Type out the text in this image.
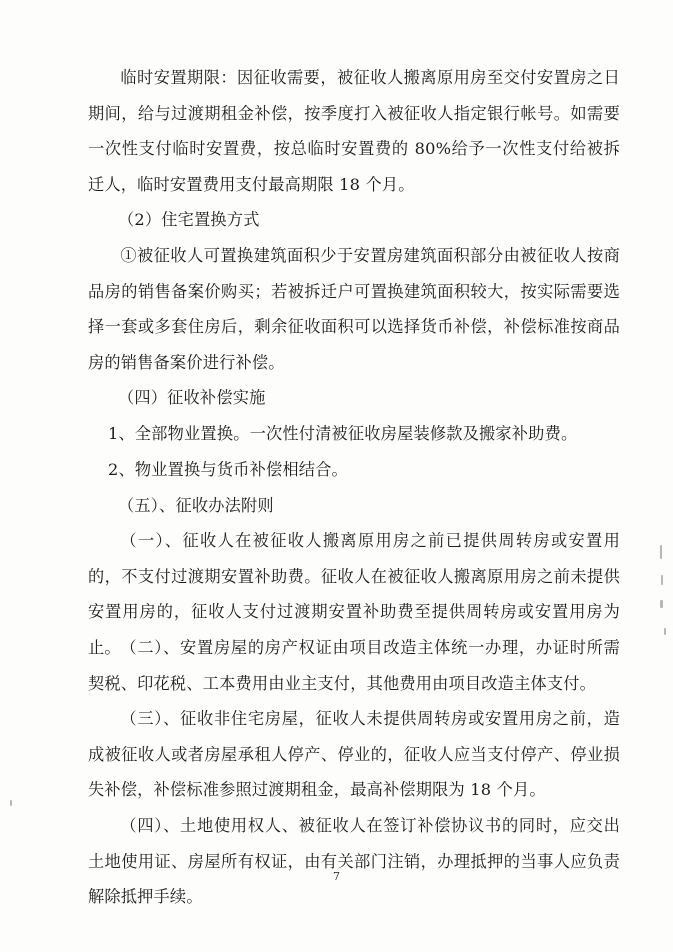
临时安置期限：因征收需要，被征收人搬离原用房至交付安置房之日期间，给与过渡期租金补偿，按季度打入被征收人指定银行帐号。如需要一次性支付临时安置费，按总临时安置费的 80%给予一次性支付给被拆迁人，临时安置费用支付最高期限 18 个月。

（2）住宅置换方式

①被征收人可置换建筑面积少于安置房建筑面积部分由被征收人按商品房的销售备案价购买；若被拆迁户可置换建筑面积较大，按实际需要选择一套或多套住房后，剩余征收面积可以选择货币补偿，补偿标准按商品房的销售备案价进行补偿。

（四）征收补偿实施

1、全部物业置换。一次性付清被征收房屋装修款及搬家补助费。

2、物业置换与货币补偿相结合。

（五）、征收办法附则

（一）、征收人在被征收人搬离原用房之前已提供周转房或安置用的，不支付过渡期安置补助费。征收人在被征收人搬离原用房之前未提供安置用房的，征收人支付过渡期安置补助费至提供周转房或安置用房为止。 （二）、安置房屋的房产权证由项目改造主体统一办理，办证时所需契税、印花税、工本费用由业主支付，其他费用由项目改造主体支付。

（三）、征收非住宅房屋，征收人未提供周转房或安置用房之前，造成被征收人或者房屋承租人停产、停业的，征收人应当支付停产、停业损失补偿，补偿标准参照过渡期租金，最高补偿期限为 18 个月。

（四）、土地使用权人、被征收人在签订补偿协议书的同时，应交出土地使用证、房屋所有权证，由有关部门注销，办理抵押的当事人应负责解除抵押手续。

7
